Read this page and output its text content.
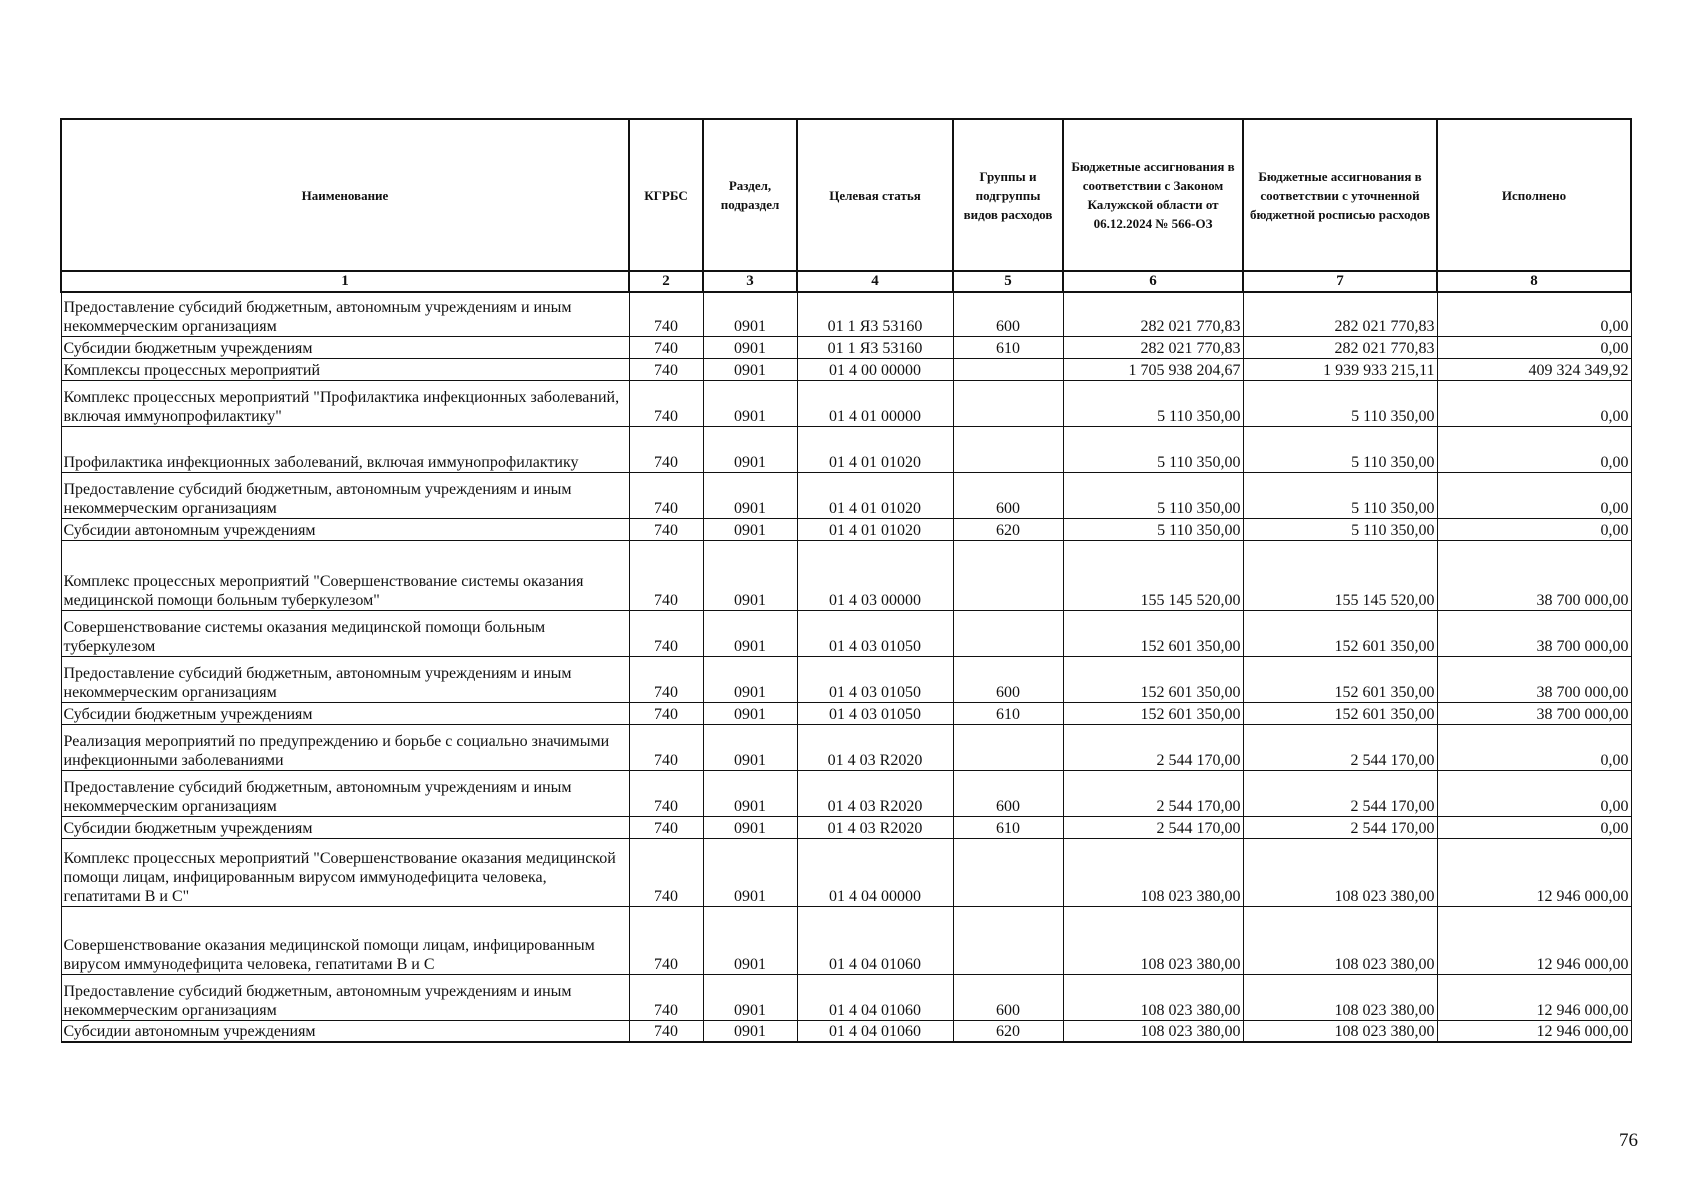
Наименование	КГРБС	Раздел, подраздел	Целевая статья	Группы и подгруппы видов расходов	Бюджетные ассигнования в соответствии с Законом Калужской области от 06.12.2024 № 566-ОЗ	Бюджетные ассигнования в соответствии с уточненной бюджетной росписью расходов	Исполнено
1	2	3	4	5	6	7	8
Предоставление субсидий бюджетным, автономным учреждениям и иным некоммерческим организациям	740	0901	01 1 Я3 53160	600	282 021 770,83	282 021 770,83	0,00
Субсидии бюджетным учреждениям	740	0901	01 1 Я3 53160	610	282 021 770,83	282 021 770,83	0,00
Комплексы процессных мероприятий	740	0901	01 4 00 00000		1 705 938 204,67	1 939 933 215,11	409 324 349,92
Комплекс процессных мероприятий "Профилактика инфекционных заболеваний, включая иммунопрофилактику"	740	0901	01 4 01 00000		5 110 350,00	5 110 350,00	0,00
Профилактика инфекционных заболеваний, включая иммунопрофилактику	740	0901	01 4 01 01020		5 110 350,00	5 110 350,00	0,00
Предоставление субсидий бюджетным, автономным учреждениям и иным некоммерческим организациям	740	0901	01 4 01 01020	600	5 110 350,00	5 110 350,00	0,00
Субсидии автономным учреждениям	740	0901	01 4 01 01020	620	5 110 350,00	5 110 350,00	0,00
Комплекс процессных мероприятий "Совершенствование системы оказания медицинской помощи больным туберкулезом"	740	0901	01 4 03 00000		155 145 520,00	155 145 520,00	38 700 000,00
Совершенствование системы оказания медицинской помощи больным туберкулезом	740	0901	01 4 03 01050		152 601 350,00	152 601 350,00	38 700 000,00
Предоставление субсидий бюджетным, автономным учреждениям и иным некоммерческим организациям	740	0901	01 4 03 01050	600	152 601 350,00	152 601 350,00	38 700 000,00
Субсидии бюджетным учреждениям	740	0901	01 4 03 01050	610	152 601 350,00	152 601 350,00	38 700 000,00
Реализация мероприятий по предупреждению и борьбе с социально значимыми инфекционными заболеваниями	740	0901	01 4 03 R2020		2 544 170,00	2 544 170,00	0,00
Предоставление субсидий бюджетным, автономным учреждениям и иным некоммерческим организациям	740	0901	01 4 03 R2020	600	2 544 170,00	2 544 170,00	0,00
Субсидии бюджетным учреждениям	740	0901	01 4 03 R2020	610	2 544 170,00	2 544 170,00	0,00
Комплекс процессных мероприятий "Совершенствование оказания медицинской помощи лицам, инфицированным вирусом иммунодефицита человека, гепатитами В и С"	740	0901	01 4 04 00000		108 023 380,00	108 023 380,00	12 946 000,00
Совершенствование оказания медицинской помощи лицам, инфицированным вирусом иммунодефицита человека, гепатитами В и С	740	0901	01 4 04 01060		108 023 380,00	108 023 380,00	12 946 000,00
Предоставление субсидий бюджетным, автономным учреждениям и иным некоммерческим организациям	740	0901	01 4 04 01060	600	108 023 380,00	108 023 380,00	12 946 000,00
Субсидии автономным учреждениям	740	0901	01 4 04 01060	620	108 023 380,00	108 023 380,00	12 946 000,00
76
